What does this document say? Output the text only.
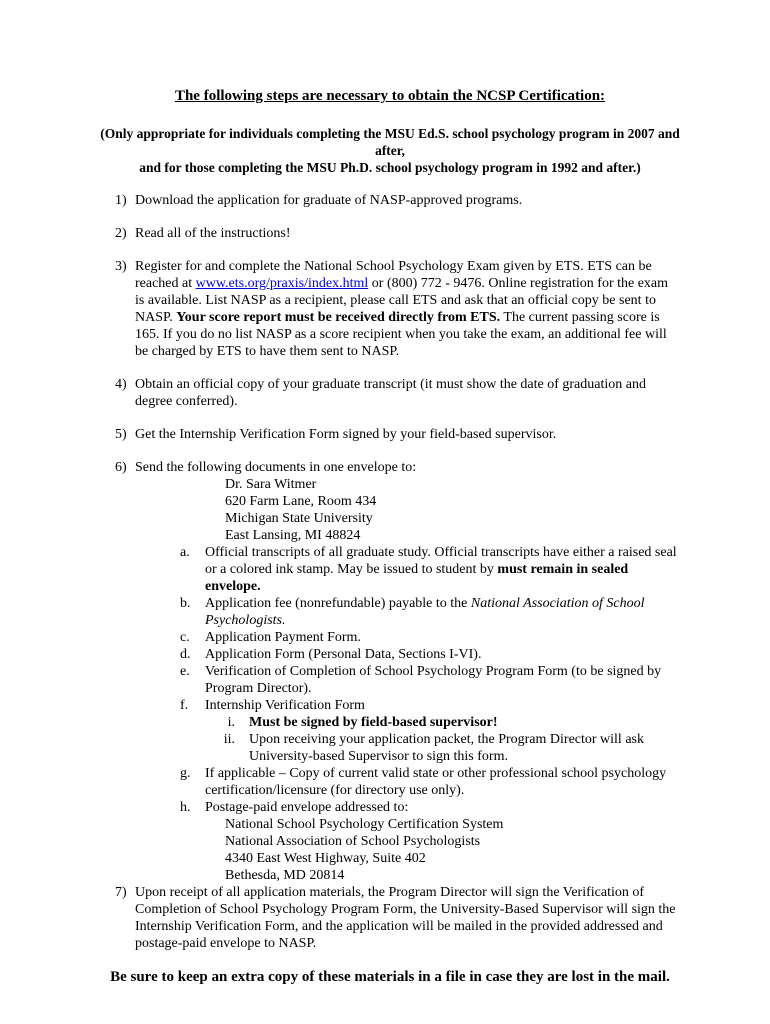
The following steps are necessary to obtain the NCSP Certification:
(Only appropriate for individuals completing the MSU Ed.S. school psychology program in 2007 and after,
and for those completing the MSU Ph.D. school psychology program in 1992 and after.)
1) Download the application for graduate of NASP-approved programs.
2) Read all of the instructions!
3) Register for and complete the National School Psychology Exam given by ETS. ETS can be reached at www.ets.org/praxis/index.html or (800) 772 - 9476. Online registration for the exam is available. List NASP as a recipient, please call ETS and ask that an official copy be sent to NASP. Your score report must be received directly from ETS. The current passing score is 165. If you do no list NASP as a score recipient when you take the exam, an additional fee will be charged by ETS to have them sent to NASP.
4) Obtain an official copy of your graduate transcript (it must show the date of graduation and degree conferred).
5) Get the Internship Verification Form signed by your field-based supervisor.
6) Send the following documents in one envelope to:
Dr. Sara Witmer
620 Farm Lane, Room 434
Michigan State University
East Lansing, MI 48824
a.	Official transcripts of all graduate study. Official transcripts have either a raised seal or a colored ink stamp. May be issued to student by must remain in sealed envelope.
b.	Application fee (nonrefundable) payable to the National Association of School Psychologists.
c.	Application Payment Form.
d.	Application Form (Personal Data, Sections I-VI).
e.	Verification of Completion of School Psychology Program Form (to be signed by Program Director).
f.	Internship Verification Form
i. Must be signed by field-based supervisor!
ii. Upon receiving your application packet, the Program Director will ask University-based Supervisor to sign this form.
g.	If applicable – Copy of current valid state or other professional school psychology certification/licensure (for directory use only).
h.	Postage-paid envelope addressed to:
National School Psychology Certification System
National Association of School Psychologists
4340 East West Highway, Suite 402
Bethesda, MD 20814
7) Upon receipt of all application materials, the Program Director will sign the Verification of Completion of School Psychology Program Form, the University-Based Supervisor will sign the Internship Verification Form, and the application will be mailed in the provided addressed and postage-paid envelope to NASP.
Be sure to keep an extra copy of these materials in a file in case they are lost in the mail.
